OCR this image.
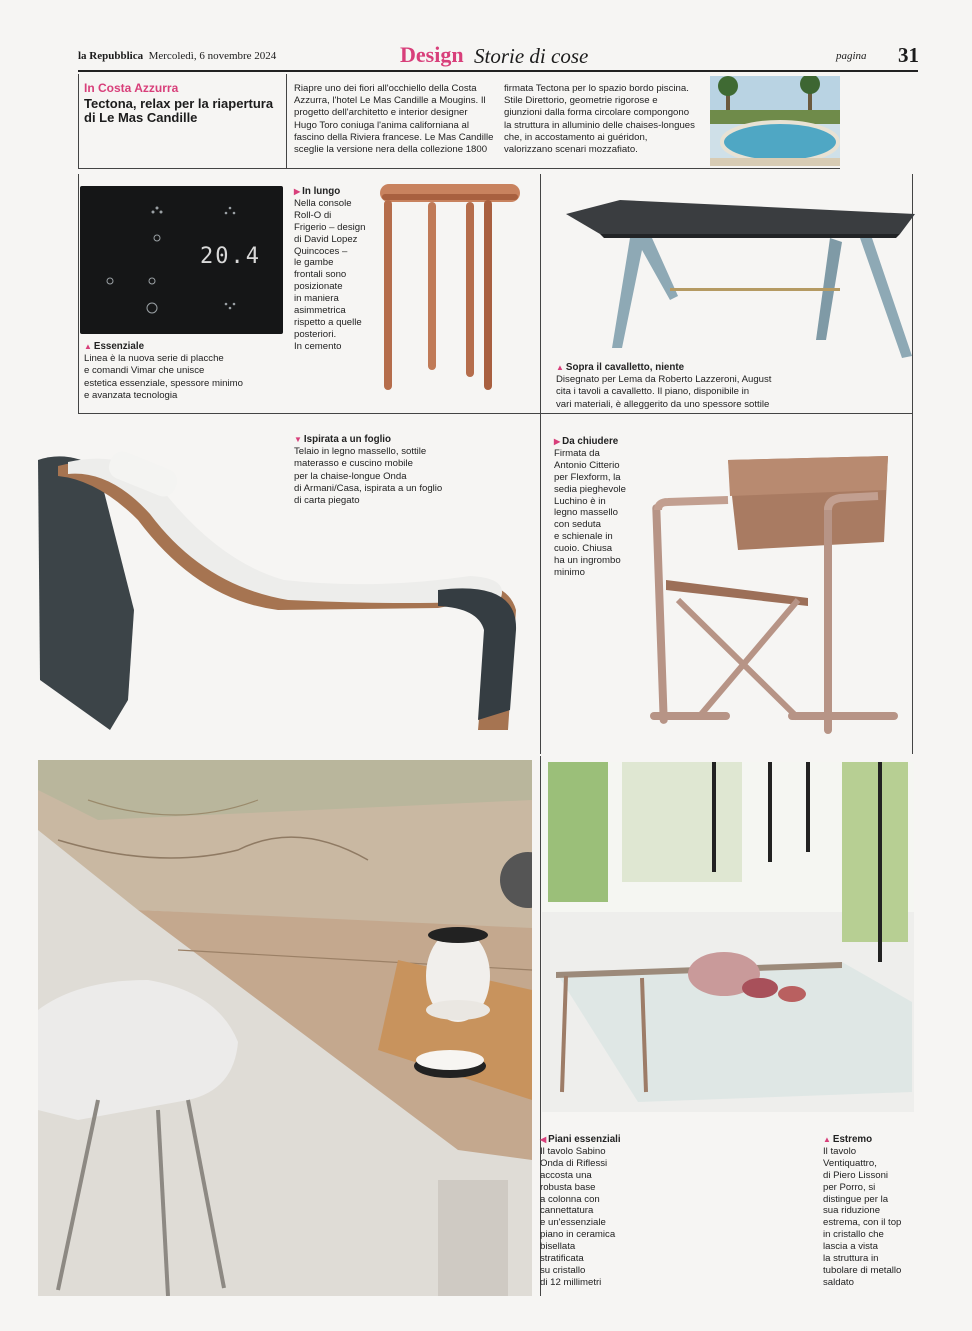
la Repubblica Mercoledì, 6 novembre 2024	Design Storie di cose	pagina 31
In Costa Azzurra
Tectona, relax per la riapertura
di Le Mas Candille
Riapre uno dei fiori all'occhiello della Costa
Azzurra, l'hotel Le Mas Candille a Mougins. Il
progetto dell'architetto e interior designer
Hugo Toro coniuga l'anima californiana al
fascino della Riviera francese. Le Mas Candille
sceglie la versione nera della collezione 1800
firmata Tectona per lo spazio bordo piscina.
Stile Direttorio, geometrie rigorose e
giunzioni dalla forma circolare compongono
la struttura in alluminio delle chaises-longues
che, in accostamento ai guéridon,
valorizzano scenari mozzafiato.
20.4
▲ Essenziale
Linea è la nuova serie di placche
e comandi Vimar che unisce
estetica essenziale, spessore minimo
e avanzata tecnologia
▶ In lungo
Nella console
Roll-O di
Frigerio – design
di David Lopez
Quincoces –
le gambe
frontali sono
posizionate
in maniera
asimmetrica
rispetto a quelle
posteriori.
In cemento
▲ Sopra il cavalletto, niente
Disegnato per Lema da Roberto Lazzeroni, August
cita i tavoli a cavalletto. Il piano, disponibile in
vari materiali, è alleggerito da uno spessore sottile
▼ Ispirata a un foglio
Telaio in legno massello, sottile
materasso e cuscino mobile
per la chaise-longue Onda
di Armani/Casa, ispirata a un foglio
di carta piegato
▶ Da chiudere
Firmata da
Antonio Citterio
per Flexform, la
sedia pieghevole
Luchino è in
legno massello
con seduta
e schienale in
cuoio. Chiusa
ha un ingrombo
minimo
◀ Piani essenziali
Il tavolo Sabino
Onda di Riflessi
accosta una
robusta base
a colonna con
cannettatura
e un'essenziale
piano in ceramica
bisellata
stratificata
su cristallo
di 12 millimetri
▲ Estremo
Il tavolo
Ventiquattro,
di Piero Lissoni
per Porro, si
distingue per la
sua riduzione
estrema, con il top
in cristallo che
lascia a vista
la struttura in
tubolare di metallo
saldato
